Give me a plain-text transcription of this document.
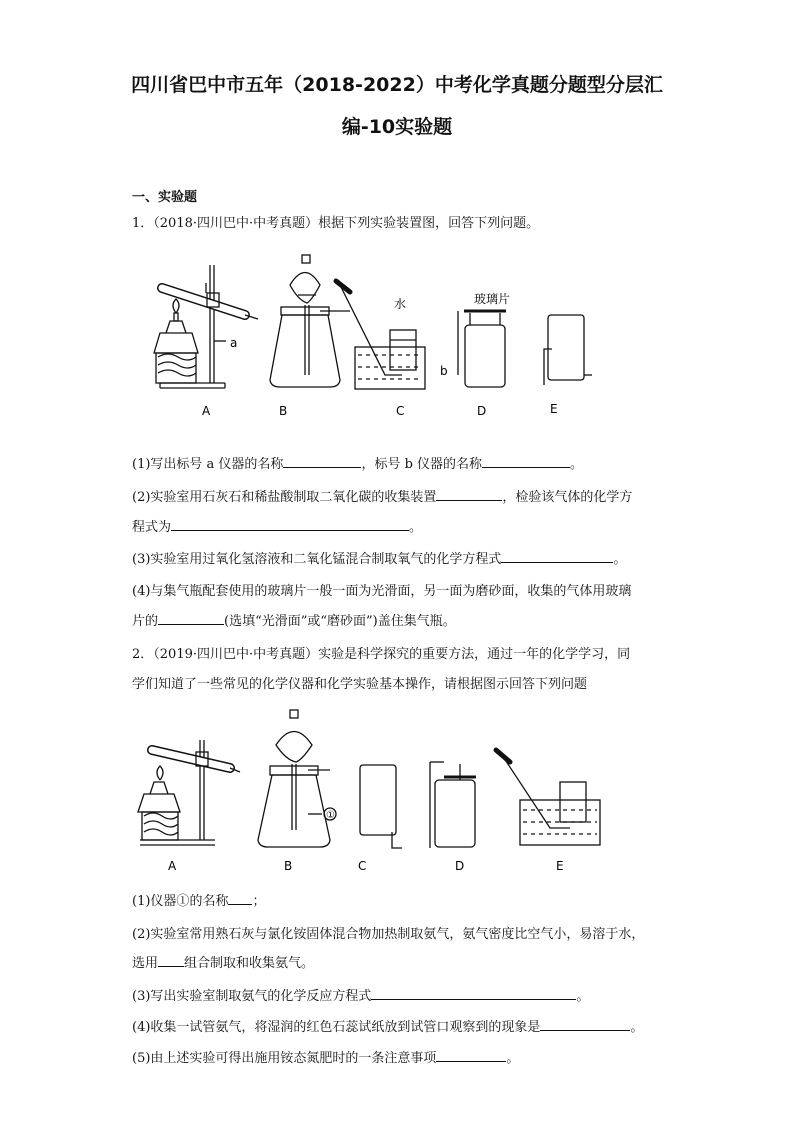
四川省巴中市五年（2018-2022）中考化学真题分题型分层汇
编-10实验题
一、实验题
1．（2018·四川巴中·中考真题）根据下列实验装置图，回答下列问题。
a
b
水	玻璃片
A	B	C	D	E
(1)写出标号 a 仪器的名称	，标号 b 仪器的名称	。
(2)实验室用石灰石和稀盐酸制取二氧化碳的收集装置	，检验该气体的化学方
程式为	。
(3)实验室用过氧化氢溶液和二氧化锰混合制取氧气的化学方程式	。
(4)与集气瓶配套使用的玻璃片一般一面为光滑面，另一面为磨砂面，收集的气体用玻璃
片的	(选填“光滑面”或“磨砂面”)盖住集气瓶。
2．（2019·四川巴中·中考真题）实验是科学探究的重要方法，通过一年的化学学习，同
学们知道了一些常见的化学仪器和化学实验基本操作，请根据图示回答下列问题
①
A	B	C	D	E
(1)仪器①的名称 ；
(2)实验室常用熟石灰与氯化铵固体混合物加热制取氨气，氨气密度比空气小，易溶于水，
选用 组合制取和收集氨气。
(3)写出实验室制取氨气的化学反应方程式	。
(4)收集一试管氨气，将湿润的红色石蕊试纸放到试管口观察到的现象是	。
(5)由上述实验可得出施用铵态氮肥时的一条注意事项	。
